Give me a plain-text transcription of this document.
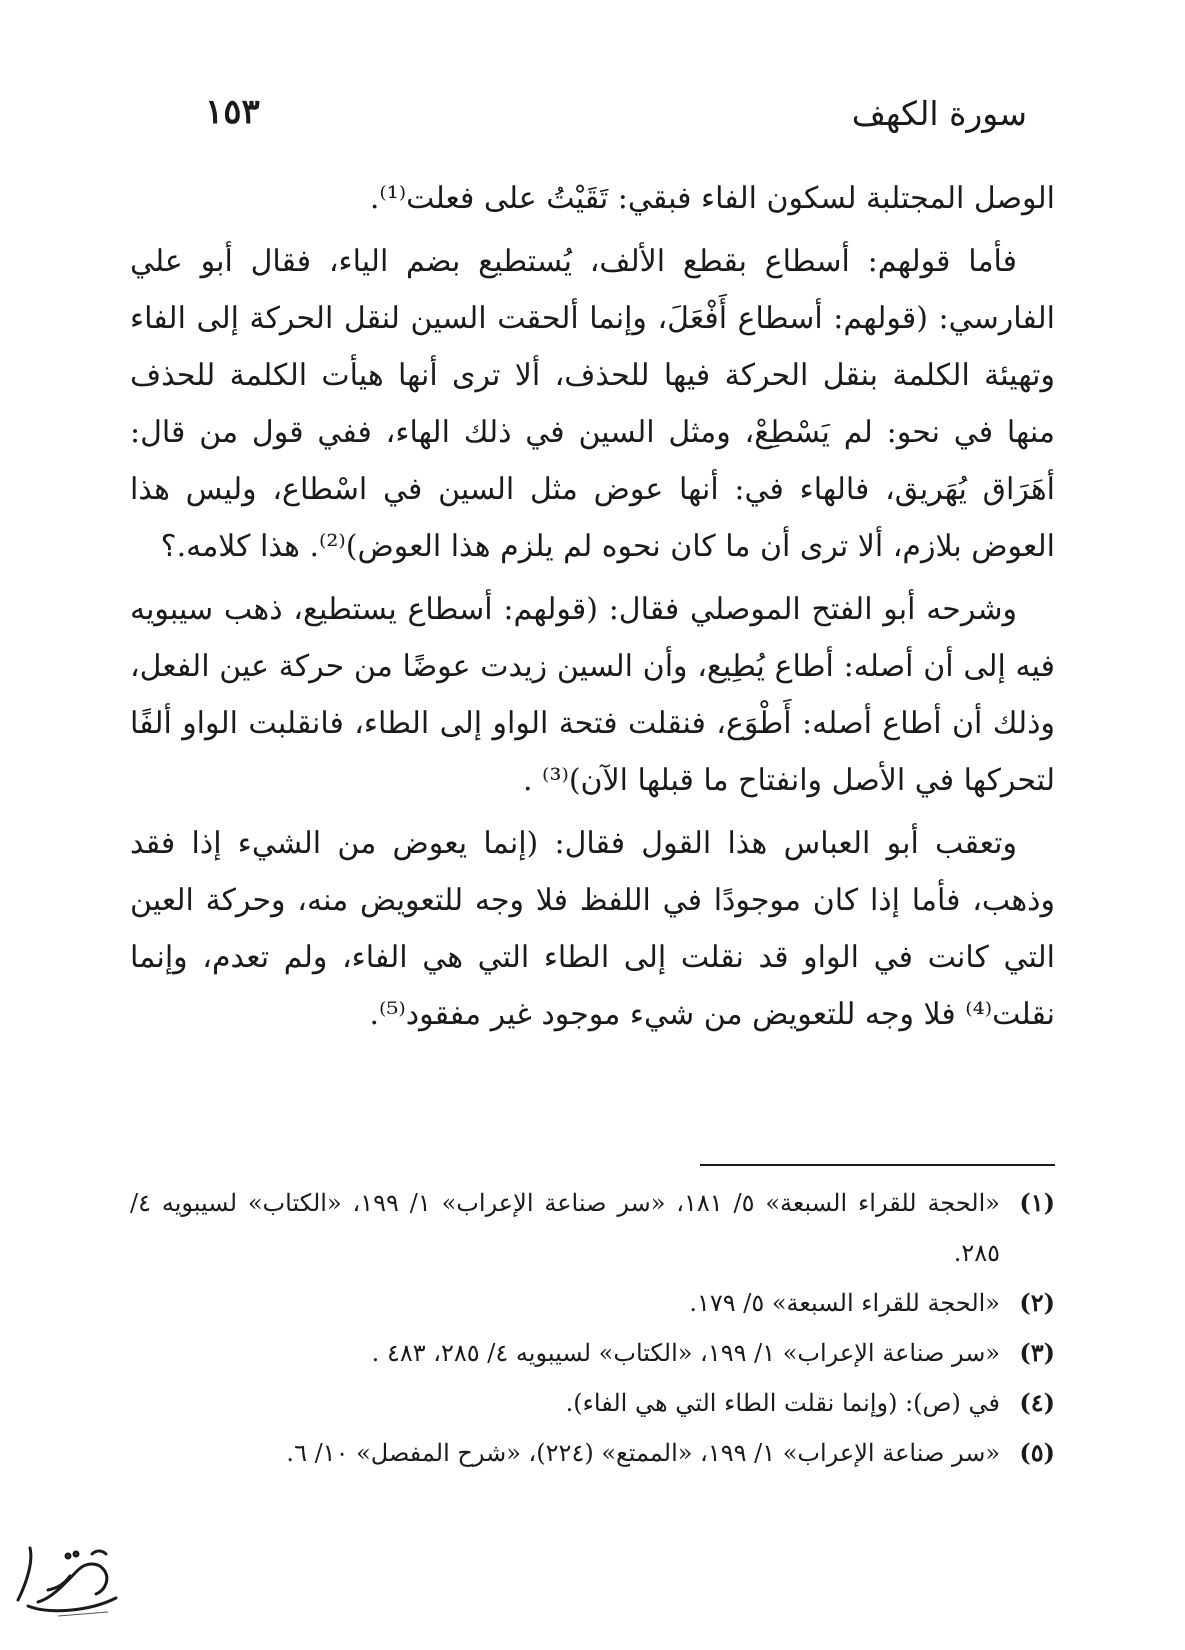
سورة الكهف
١٥٣

الوصل المجتلبة لسكون الفاء فبقي: تَقَيْتُ على فعلت⁽¹⁾.

فأما قولهم: أسطاع بقطع الألف، يُستطيع بضم الياء، فقال أبو علي الفارسي: (قولهم: أسطاع أَفْعَلَ، وإنما ألحقت السين لنقل الحركة إلى الفاء وتهيئة الكلمة بنقل الحركة فيها للحذف، ألا ترى أنها هيأت الكلمة للحذف منها في نحو: لم يَسْطِعْ، ومثل السين في ذلك الهاء، ففي قول من قال: أهَرَاق يُهَريق، فالهاء في: أنها عوض مثل السين في اسْطاع، وليس هذا العوض بلازم، ألا ترى أن ما كان نحوه لم يلزم هذا العوض)⁽²⁾. هذا كلامه.؟

وشرحه أبو الفتح الموصلي فقال: (قولهم: أسطاع يستطيع، ذهب سيبويه فيه إلى أن أصله: أطاع يُطِيع، وأن السين زيدت عوضًا من حركة عين الفعل، وذلك أن أطاع أصله: أَطْوَع، فنقلت فتحة الواو إلى الطاء، فانقلبت الواو ألفًا لتحركها في الأصل وانفتاح ما قبلها الآن)⁽³⁾ .

وتعقب أبو العباس هذا القول فقال: (إنما يعوض من الشيء إذا فقد وذهب، فأما إذا كان موجودًا في اللفظ فلا وجه للتعويض منه، وحركة العين التي كانت في الواو قد نقلت إلى الطاء التي هي الفاء، ولم تعدم، وإنما نقلت⁽⁴⁾ فلا وجه للتعويض من شيء موجود غير مفقود⁽⁵⁾.

(١)
«الحجة للقراء السبعة» ٥/ ١٨١، «سر صناعة الإعراب» ١/ ١٩٩، «الكتاب» لسيبويه ٤/ ٢٨٥.
(٢)
«الحجة للقراء السبعة» ٥/ ١٧٩.
(٣)
«سر صناعة الإعراب» ١/ ١٩٩، «الكتاب» لسيبويه ٤/ ٢٨٥، ٤٨٣ .
(٤)
في (ص): (وإنما نقلت الطاء التي هي الفاء).
(٥)
«سر صناعة الإعراب» ١/ ١٩٩، «الممتع» (٢٢٤)، «شرح المفصل» ١٠/ ٦.
